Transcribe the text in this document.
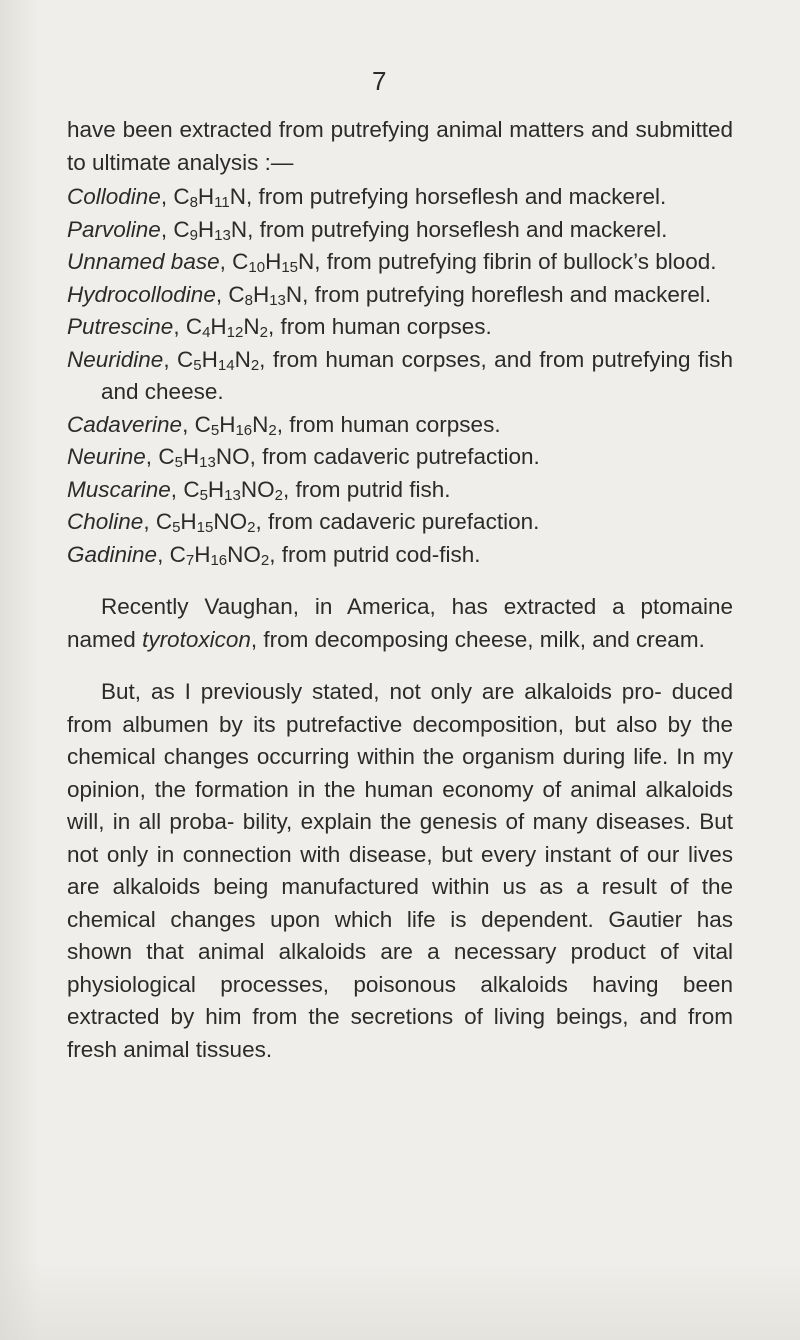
7

have been extracted from putrefying animal matters and submitted to ultimate analysis :—

Collodine, $C_8H_{11}N$, from putrefying horseflesh and mackerel.
Parvoline, $C_9H_{13}N$, from putrefying horseflesh and mackerel.
Unnamed base, $C_{10}H_{15}N$, from putrefying fibrin of bullock’s blood.
Hydrocollodine, $C_8H_{13}N$, from putrefying horeflesh and mackerel.
Putrescine, $C_4H_{12}N_2$, from human corpses.
Neuridine, $C_5H_{14}N_2$, from human corpses, and from putrefying fish and cheese.
Cadaverine, $C_5H_{16}N_2$, from human corpses.
Neurine, $C_5H_{13}NO$, from cadaveric putrefaction.
Muscarine, $C_5H_{13}NO_2$, from putrid fish.
Choline, $C_5H_{15}NO_2$, from cadaveric purefaction.
Gadinine, $C_7H_{16}NO_2$, from putrid cod-fish.

Recently Vaughan, in America, has extracted a ptomaine named tyrotoxicon, from decomposing cheese, milk, and cream.

But, as I previously stated, not only are alkaloids pro- duced from albumen by its putrefactive decomposition, but also by the chemical changes occurring within the organism during life. In my opinion, the formation in the human economy of animal alkaloids will, in all proba- bility, explain the genesis of many diseases. But not only in connection with disease, but every instant of our lives are alkaloids being manufactured within us as a result of the chemical changes upon which life is dependent. Gautier has shown that animal alkaloids are a necessary product of vital physiological processes, poisonous alkaloids having been extracted by him from the secretions of living beings, and from fresh animal tissues.
